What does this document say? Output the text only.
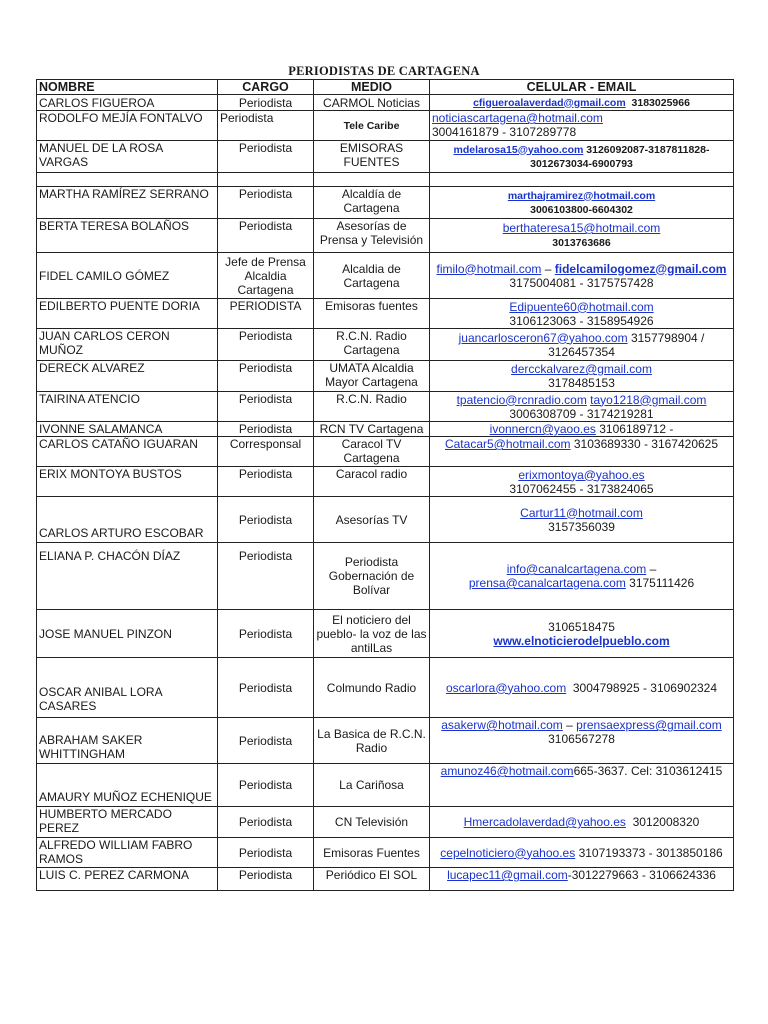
PERIODISTAS DE CARTAGENA
NOMBRE	CARGO	MEDIO	CELULAR - EMAIL
CARLOS FIGUEROA	Periodista	CARMOL Noticias	cfigueroalaverdad@gmail.com 3183025966
RODOLFO MEJÍA FONTALVO	Periodista	Tele Caribe	noticiascartagena@hotmail.com
3004161879 - 3107289778
MANUEL DE LA ROSA VARGAS	Periodista	EMISORAS FUENTES	mdelarosa15@yahoo.com 3126092087-3187811828-3012673034-6900793

MARTHA RAMÍREZ SERRANO	Periodista	Alcaldía de Cartagena	marthajramirez@hotmail.com
3006103800-6604302
BERTA TERESA BOLAÑOS	Periodista	Asesorías de Prensa y Televisión	berthateresa15@hotmail.com
3013763686
FIDEL CAMILO GÓMEZ	Jefe de Prensa Alcaldia Cartagena	Alcaldia de Cartagena	fimilo@hotmail.com – fidelcamilogomez@gmail.com
3175004081 - 3175757428
EDILBERTO PUENTE DORIA	PERIODISTA	Emisoras fuentes	Edipuente60@hotmail.com
3106123063 - 3158954926
JUAN CARLOS CERON MUÑOZ	Periodista	R.C.N. Radio Cartagena	juancarlosceron67@yahoo.com 3157798904 / 3126457354
DERECK ALVAREZ	Periodista	UMATA Alcaldia Mayor Cartagena	dercckalvarez@gmail.com
3178485153
TAIRINA ATENCIO	Periodista	R.C.N. Radio	tpatencio@rcnradio.com tayo1218@gmail.com
3006308709 - 3174219281
IVONNE SALAMANCA	Periodista	RCN TV Cartagena	ivonnercn@yaoo.es 3106189712 -
CARLOS CATAÑO IGUARAN	Corresponsal	Caracol TV Cartagena	Catacar5@hotmail.com 3103689330 - 3167420625
ERIX MONTOYA BUSTOS	Periodista	Caracol radio	erixmontoya@yahoo.es
3107062455 - 3173824065
CARLOS ARTURO ESCOBAR	Periodista	Asesorías TV	Cartur11@hotmail.com
3157356039
ELIANA P. CHACÓN DÍAZ	Periodista	Periodista Gobernación de Bolívar	info@canalcartagena.com –
prensa@canalcartagena.com 3175111426
JOSE MANUEL PINZON	Periodista	El noticiero del pueblo- la voz de las antilLas	3106518475
www.elnoticierodelpueblo.com
OSCAR ANIBAL LORA CASARES	Periodista	Colmundo Radio	oscarlora@yahoo.com 3004798925 - 3106902324
ABRAHAM SAKER WHITTINGHAM	Periodista	La Basica de R.C.N. Radio	asakerw@hotmail.com – prensaexpress@gmail.com
3106567278
AMAURY MUÑOZ ECHENIQUE	Periodista	La Cariñosa	amunoz46@hotmail.com665-3637. Cel: 3103612415
HUMBERTO MERCADO PEREZ	Periodista	CN Televisión	Hmercadolaverdad@yahoo.es 3012008320
ALFREDO WILLIAM FABRO RAMOS	Periodista	Emisoras Fuentes	cepelnoticiero@yahoo.es 3107193373 - 3013850186
LUIS C. PEREZ CARMONA	Periodista	Periódico El SOL	lucapec11@gmail.com-3012279663 - 3106624336
